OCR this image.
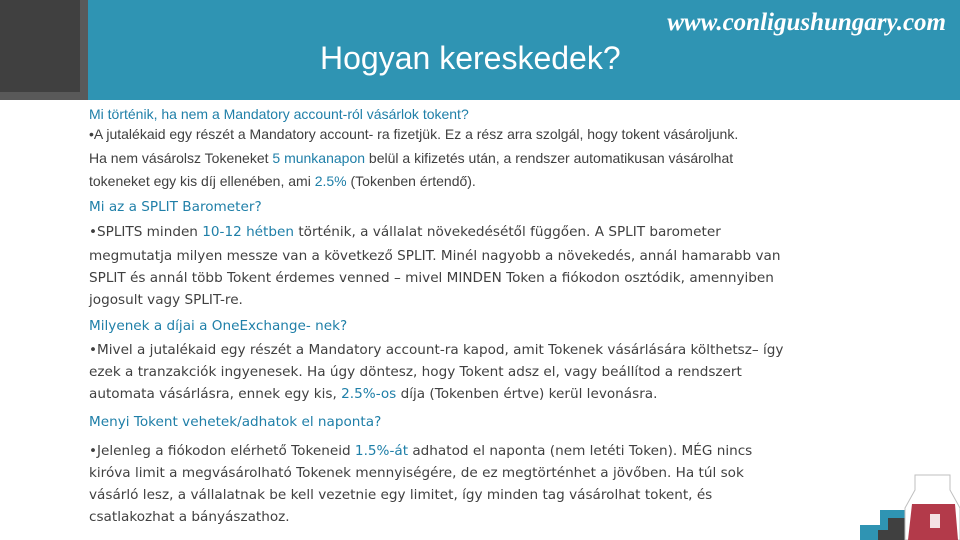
www.conligushungary.com
Hogyan kereskedek?
Mi történik, ha nem a Mandatory account-ról vásárlok tokent?
•A jutalékaid egy részét a Mandatory account- ra fizetjük. Ez a rész arra szolgál, hogy tokent vásároljunk.
Ha nem vásárolsz Tokeneket 5 munkanapon belül a kifizetés után, a rendszer automatikusan vásárolhat
tokeneket egy kis díj ellenében, ami 2.5% (Tokenben értendő).
Mi az a SPLIT Barometer?
•SPLITS minden 10-12 hétben történik, a vállalat növekedésétől függően. A SPLIT barometer
megmutatja milyen messze van a következő SPLIT. Minél nagyobb a növekedés, annál hamarabb van
SPLIT és annál több Tokent érdemes venned – mivel MINDEN Token a fiókodon osztódik, amennyiben
jogosult vagy SPLIT-re.
Milyenek a díjai a OneExchange- nek?
•Mivel a jutalékaid egy részét a Mandatory account-ra kapod, amit Tokenek vásárlására költhetsz– így
ezek a tranzakciók ingyenesek. Ha úgy döntesz, hogy Tokent adsz el, vagy beállítod a rendszert
automata vásárlásra, ennek egy kis, 2.5%-os díja (Tokenben értve) kerül levonásra.
Menyi Tokent vehetek/adhatok el naponta?
•Jelenleg a fiókodon elérhető Tokeneid 1.5%-át adhatod el naponta (nem letéti Token). MÉG nincs
kiróva limit a megvásárolható Tokenek mennyiségére, de ez megtörténhet a jövőben. Ha túl sok
vásárló lesz, a vállalatnak be kell vezetnie egy limitet, így minden tag vásárolhat tokent, és
csatlakozhat a bányászathoz.
